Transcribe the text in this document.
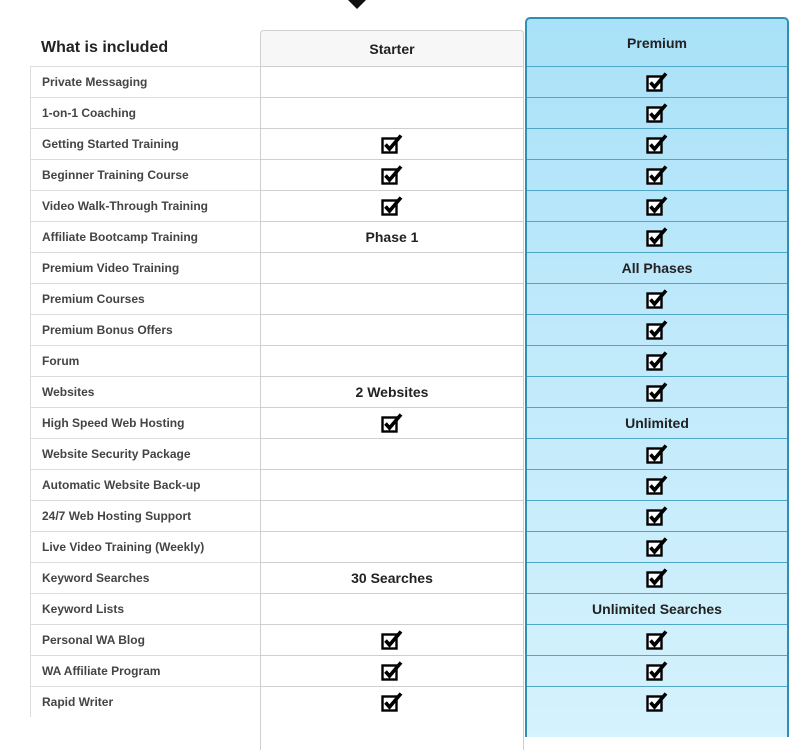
What is included
Private Messaging
1-on-1 Coaching
Getting Started Training
Beginner Training Course
Video Walk-Through Training
Affiliate Bootcamp Training
Premium Video Training
Premium Courses
Premium Bonus Offers
Forum
Websites
High Speed Web Hosting
Website Security Package
Automatic Website Back-up
24/7 Web Hosting Support
Live Video Training (Weekly)
Keyword Searches
Keyword Lists
Personal WA Blog
WA Affiliate Program
Rapid Writer
Starter
Phase 1
2 Websites
30 Searches
Premium
All Phases
Unlimited
Unlimited Searches
